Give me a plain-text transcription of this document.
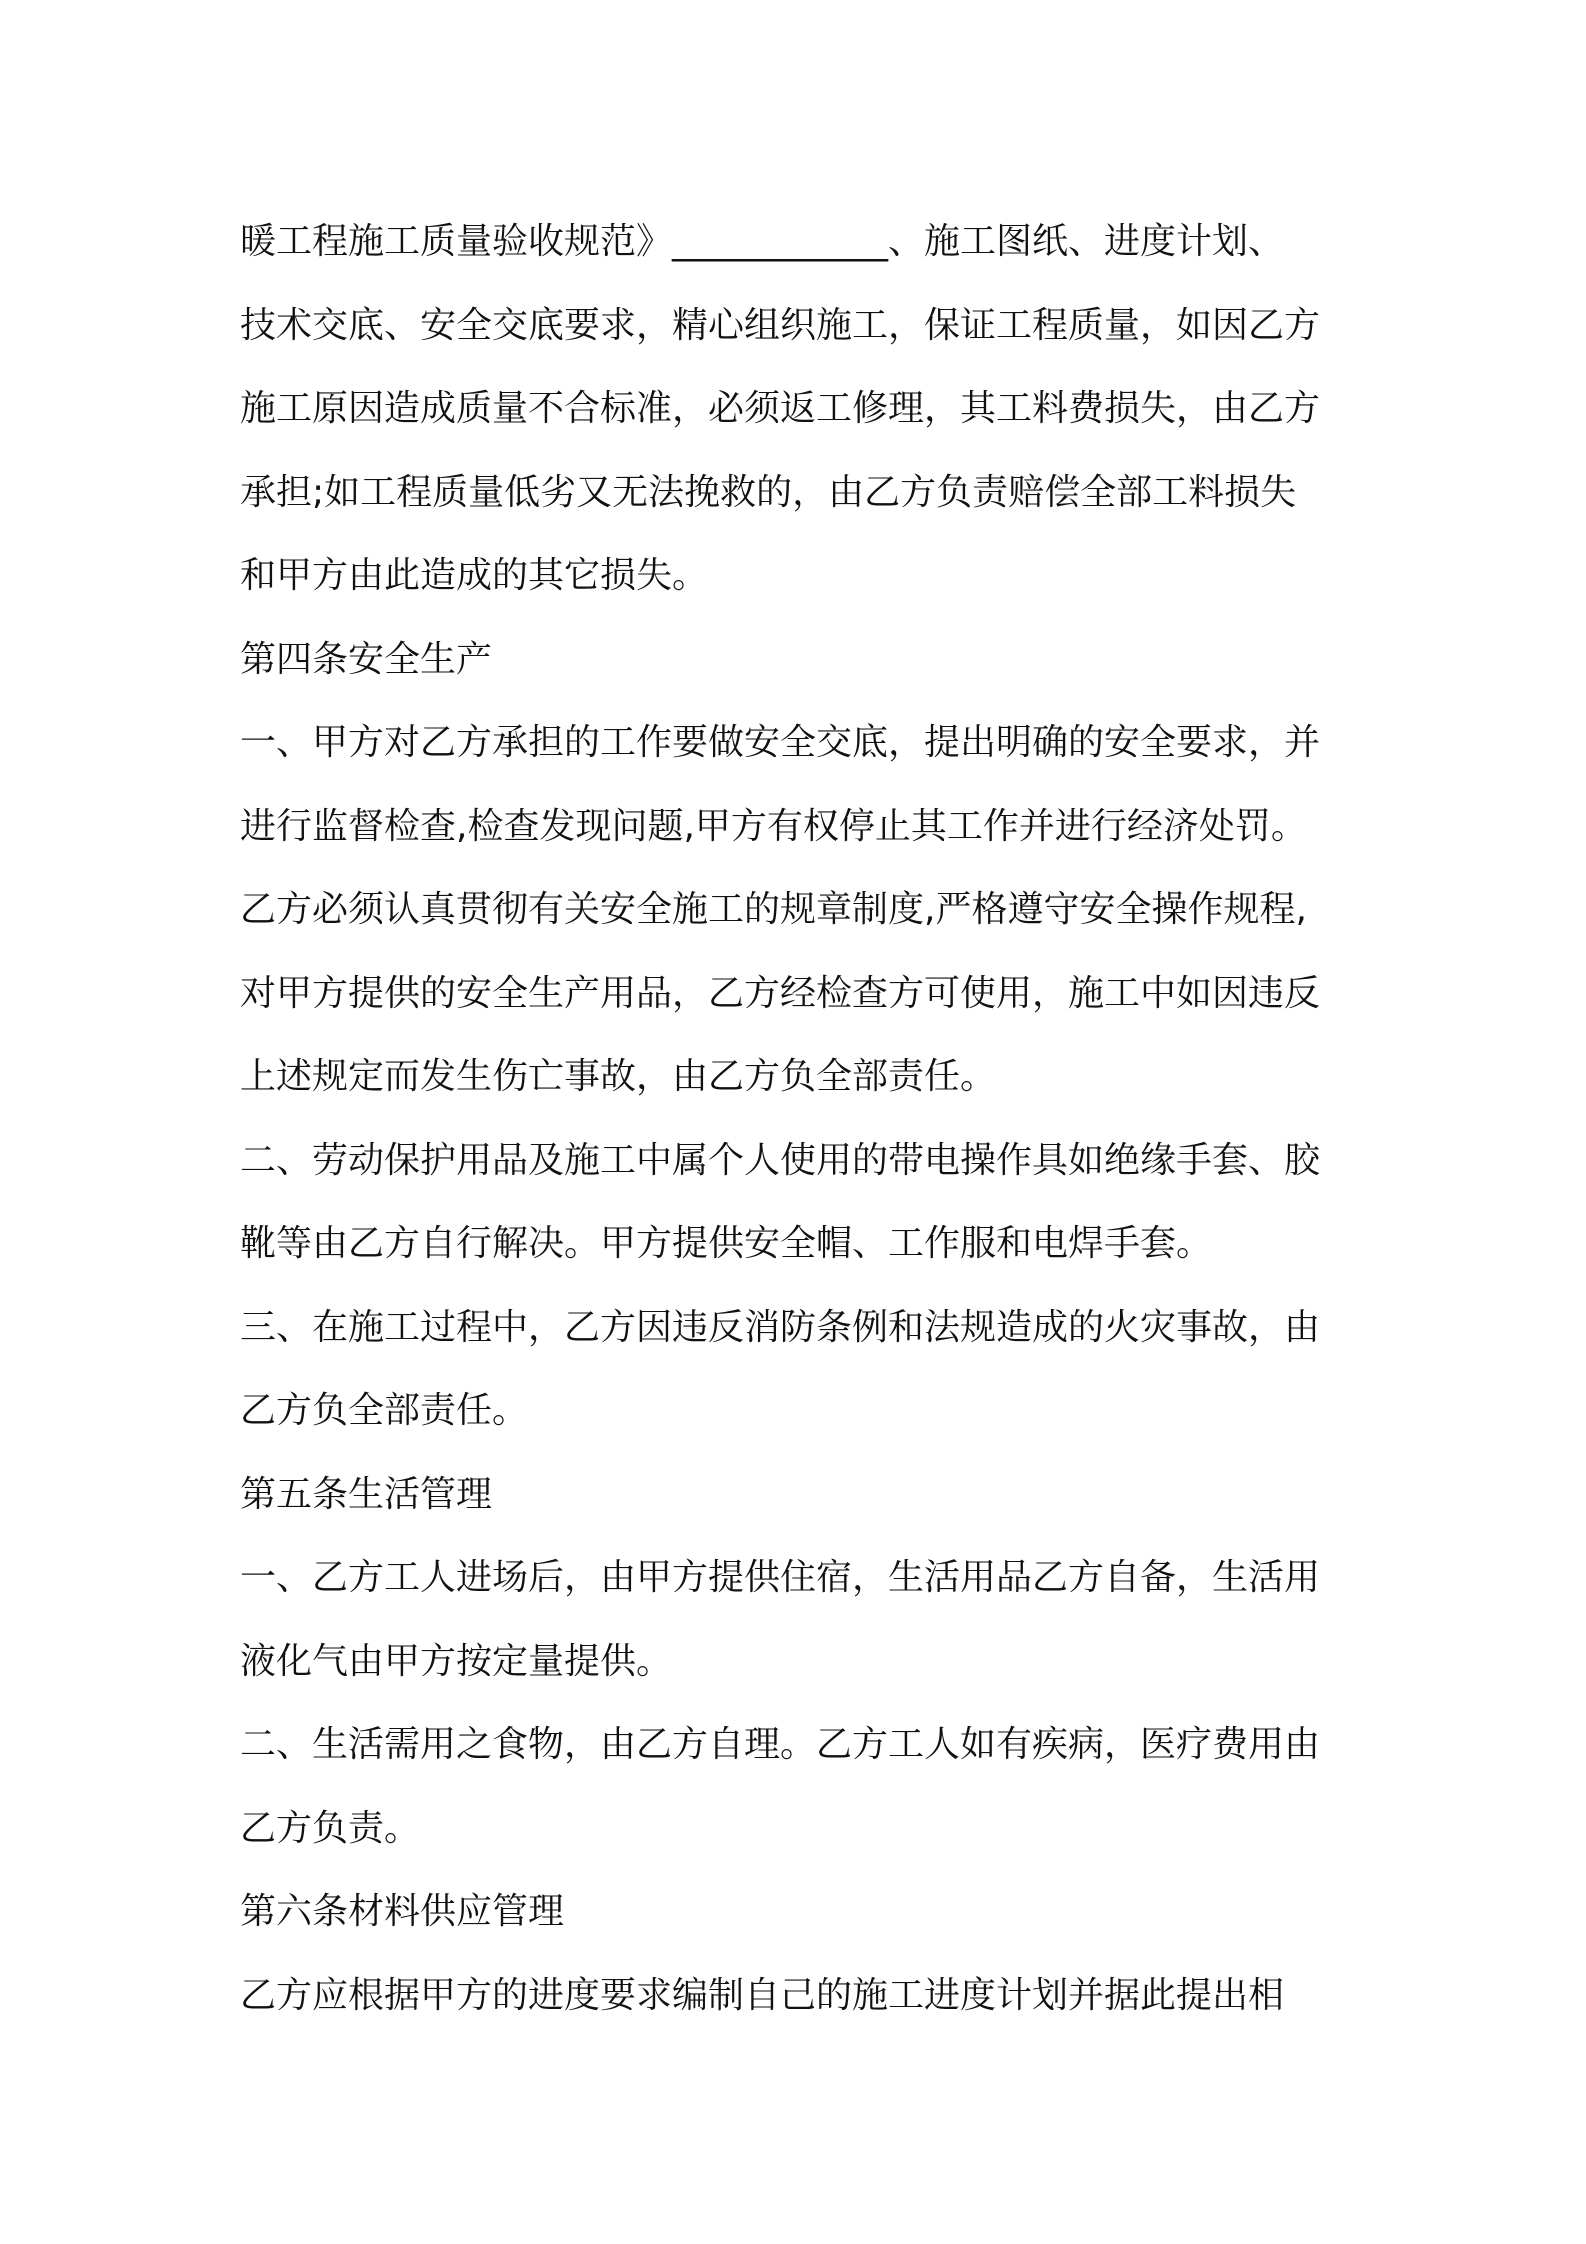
暖工程施工质量验收规范》____________、施工图纸、进度计划、
技术交底、安全交底要求，精心组织施工，保证工程质量，如因乙方
施工原因造成质量不合标准，必须返工修理，其工料费损失，由乙方
承担;如工程质量低劣又无法挽救的，由乙方负责赔偿全部工料损失
和甲方由此造成的其它损失。
第四条安全生产
一、甲方对乙方承担的工作要做安全交底，提出明确的安全要求，并
进行监督检查,检查发现问题,甲方有权停止其工作并进行经济处罚。
乙方必须认真贯彻有关安全施工的规章制度,严格遵守安全操作规程,
对甲方提供的安全生产用品，乙方经检查方可使用，施工中如因违反
上述规定而发生伤亡事故，由乙方负全部责任。
二、劳动保护用品及施工中属个人使用的带电操作具如绝缘手套、胶
靴等由乙方自行解决。甲方提供安全帽、工作服和电焊手套。
三、在施工过程中，乙方因违反消防条例和法规造成的火灾事故，由
乙方负全部责任。
第五条生活管理
一、乙方工人进场后，由甲方提供住宿，生活用品乙方自备，生活用
液化气由甲方按定量提供。
二、生活需用之食物，由乙方自理。乙方工人如有疾病，医疗费用由
乙方负责。
第六条材料供应管理
乙方应根据甲方的进度要求编制自己的施工进度计划并据此提出相
